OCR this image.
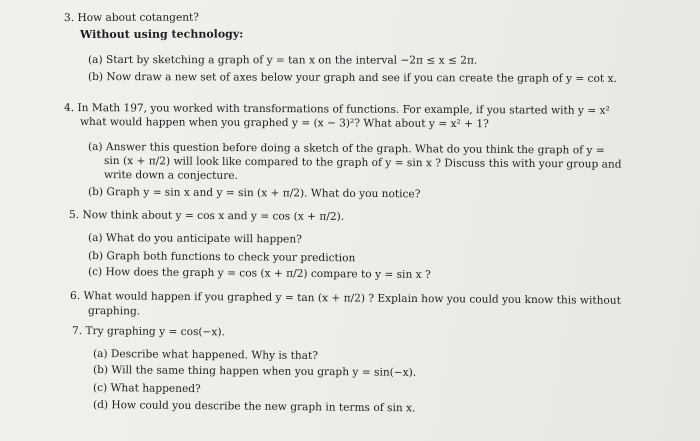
3. How about cotangent?
Without using technology:
(a) Start by sketching a graph of y = tan x on the interval −2π ≤ x ≤ 2π.
(b) Now draw a new set of axes below your graph and see if you can create the graph of y = cot x.
4. In Math 197, you worked with transformations of functions. For example, if you started with y = x²
what would happen when you graphed y = (x − 3)²? What about y = x² + 1?
(a) Answer this question before doing a sketch of the graph. What do you think the graph of y =
sin (x + π/2) will look like compared to the graph of y = sin x ? Discuss this with your group and
write down a conjecture.
(b) Graph y = sin x and y = sin (x + π/2). What do you notice?
5. Now think about y = cos x and y = cos (x + π/2).
(a) What do you anticipate will happen?
(b) Graph both functions to check your prediction
(c) How does the graph y = cos (x + π/2) compare to y = sin x ?
6. What would happen if you graphed y = tan (x + π/2) ? Explain how you could you know this without
graphing.
7. Try graphing y = cos(−x).
(a) Describe what happened. Why is that?
(b) Will the same thing happen when you graph y = sin(−x).
(c) What happened?
(d) How could you describe the new graph in terms of sin x.
